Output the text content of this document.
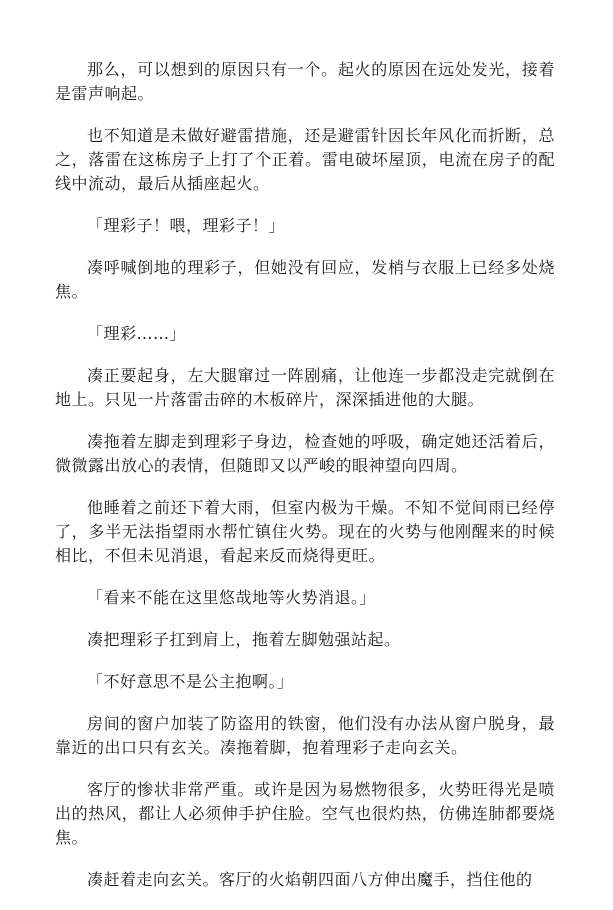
那么，可以想到的原因只有一个。起火的原因在远处发光，接着是雷声响起。

也不知道是未做好避雷措施，还是避雷针因长年风化而折断，总之，落雷在这栋房子上打了个正着。雷电破坏屋顶，电流在房子的配线中流动，最后从插座起火。

「理彩子！喂，理彩子！」

凑呼喊倒地的理彩子，但她没有回应，发梢与衣服上已经多处烧焦。

「理彩……」

凑正要起身，左大腿窜过一阵剧痛，让他连一步都没走完就倒在地上。只见一片落雷击碎的木板碎片，深深插进他的大腿。

凑拖着左脚走到理彩子身边，检查她的呼吸，确定她还活着后，微微露出放心的表情，但随即又以严峻的眼神望向四周。

他睡着之前还下着大雨，但室内极为干燥。不知不觉间雨已经停了，多半无法指望雨水帮忙镇住火势。现在的火势与他刚醒来的时候相比，不但未见消退，看起来反而烧得更旺。

「看来不能在这里悠哉地等火势消退。」

凑把理彩子扛到肩上，拖着左脚勉强站起。

「不好意思不是公主抱啊。」

房间的窗户加装了防盗用的铁窗，他们没有办法从窗户脱身，最靠近的出口只有玄关。凑拖着脚，抱着理彩子走向玄关。

客厅的惨状非常严重。或许是因为易燃物很多，火势旺得光是喷出的热风，都让人必须伸手护住脸。空气也很灼热，仿佛连肺都要烧焦。

凑赶着走向玄关。客厅的火焰朝四面八方伸出魔手，挡住他的
